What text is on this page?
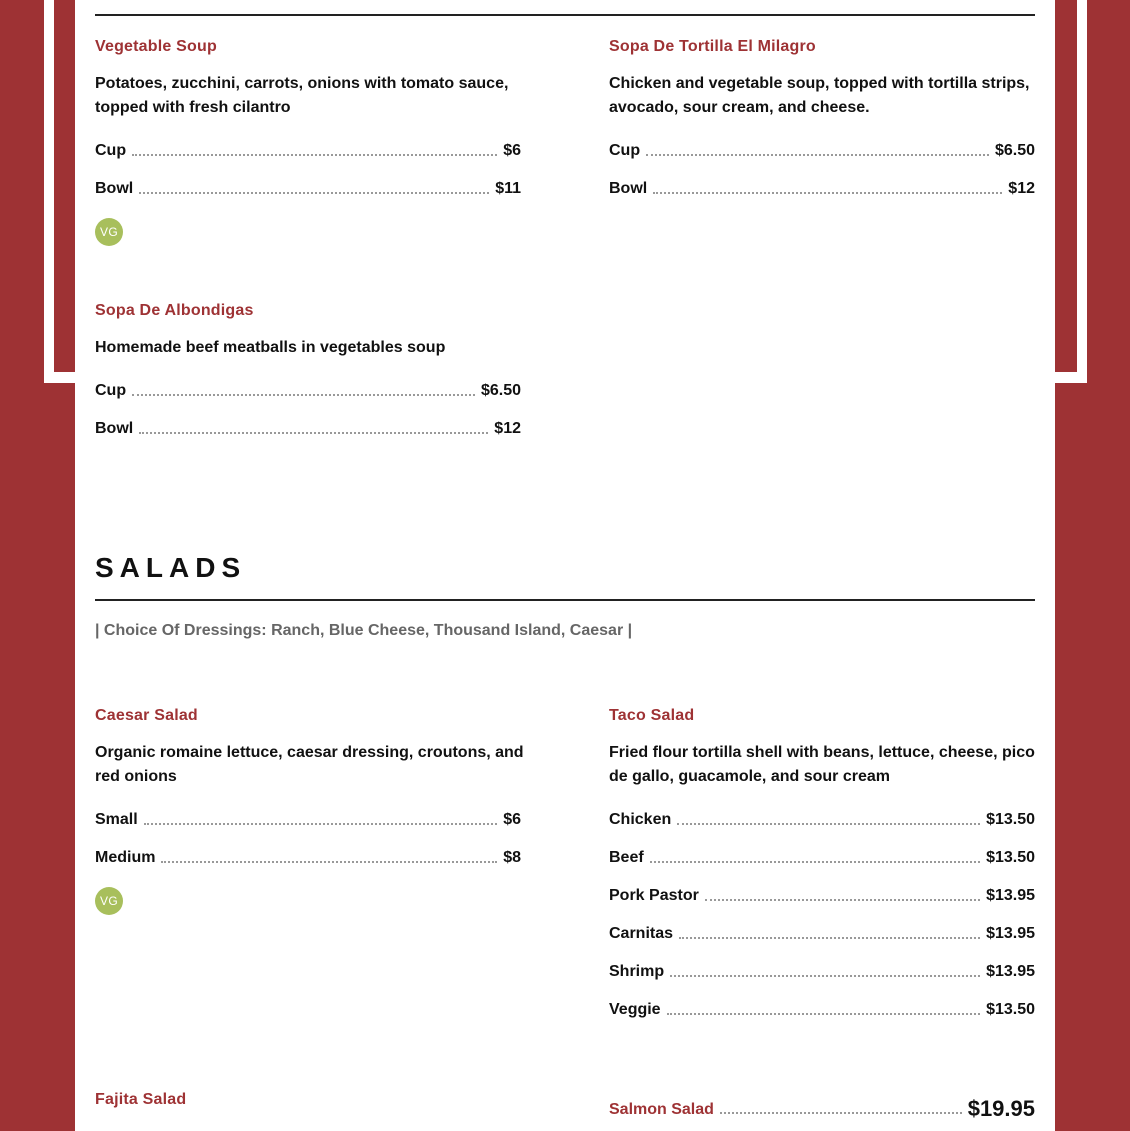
Vegetable Soup
Potatoes, zucchini, carrots, onions with tomato sauce, topped with fresh cilantro
Cup	$6
Bowl	$11
VG
Sopa De Tortilla El Milagro
Chicken and vegetable soup, topped with tortilla strips, avocado, sour cream, and cheese.
Cup	$6.50
Bowl	$12
Sopa De Albondigas
Homemade beef meatballs in vegetables soup
Cup	$6.50
Bowl	$12
SALADS
| Choice Of Dressings: Ranch, Blue Cheese, Thousand Island, Caesar |
Caesar Salad
Organic romaine lettuce, caesar dressing, croutons, and red onions
Small	$6
Medium	$8
VG
Taco Salad
Fried flour tortilla shell with beans, lettuce, cheese, pico de gallo, guacamole, and sour cream
Chicken	$13.50
Beef	$13.50
Pork Pastor	$13.95
Carnitas	$13.95
Shrimp	$13.95
Veggie	$13.50
Fajita Salad
Salmon Salad	$19.95
